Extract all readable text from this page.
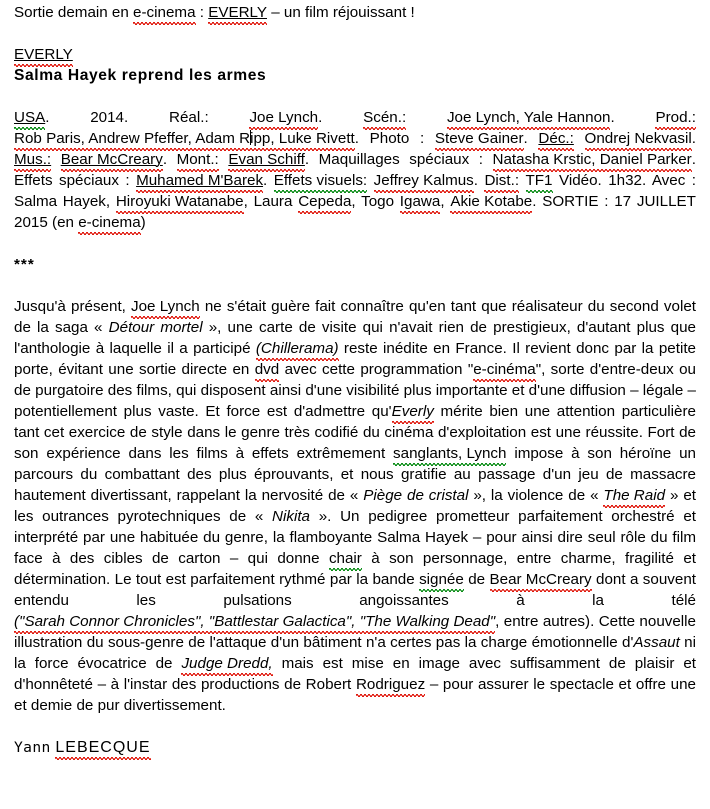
Sortie demain en e-cinema : EVERLY – un film réjouissant !

EVERLY

Salma Hayek reprend les armes

USA. 2014. Réal.:	Joe Lynch. Scén.:	Joe Lynch, Yale Hannon. Prod.: Rob Paris, Andrew Pfeffer, Adam Ripp, Luke Rivett. Photo : Steve Gainer. Déc.: Ondrej Nekvasil. Mus.: Bear McCreary. Mont.: Evan Schiff. Maquillages spéciaux : Natasha Krstic, Daniel Parker. Effets spéciaux : Muhamed M'Barek. Effets visuels: Jeffrey Kalmus. Dist.: TF1 Vidéo. 1h32. Avec : Salma Hayek, Hiroyuki Watanabe, Laura Cepeda, Togo Igawa, Akie Kotabe. SORTIE : 17 JUILLET 2015 (en e-cinema)

***

Jusqu'à présent, Joe Lynch ne s'était guère fait connaître qu'en tant que réalisateur du second volet de la saga « Détour mortel », une carte de visite qui n'avait rien de prestigieux, d'autant plus que l'anthologie à laquelle il a participé (Chillerama) reste inédite en France. Il revient donc par la petite porte, évitant une sortie directe en dvd avec cette programmation "e-cinéma", sorte d'entre-deux ou de purgatoire des films, qui disposent ainsi d'une visibilité plus importante et d'une diffusion – légale – potentiellement plus vaste. Et force est d'admettre qu'Everly mérite bien une attention particulière tant cet exercice de style dans le genre très codifié du cinéma d'exploitation est une réussite. Fort de son expérience dans les films à effets extrêmement sanglants, Lynch impose à son héroïne un parcours du combattant des plus éprouvants, et nous gratifie au passage d'un jeu de massacre hautement divertissant, rappelant la nervosité de « Piège de cristal », la violence de « The Raid » et les outrances pyrotechniques de « Nikita ». Un pedigree prometteur parfaitement orchestré et interprété par une habituée du genre, la flamboyante Salma Hayek – pour ainsi dire seul rôle du film face à des cibles de carton – qui donne chair à son personnage, entre charme, fragilité et détermination. Le tout est parfaitement rythmé par la bande signée de Bear McCreary dont a souvent entendu les pulsations angoissantes à la télé ("Sarah Connor Chronicles", "Battlestar Galactica", "The Walking Dead", entre autres). Cette nouvelle illustration du sous-genre de l'attaque d'un bâtiment n'a certes pas la charge émotionnelle d'Assaut ni la force évocatrice de Judge Dredd, mais est mise en image avec suffisamment de plaisir et d'honnêteté – à l'instar des productions de Robert Rodriguez – pour assurer le spectacle et offre une et demie de pur divertissement.

Yann LEBECQUE
